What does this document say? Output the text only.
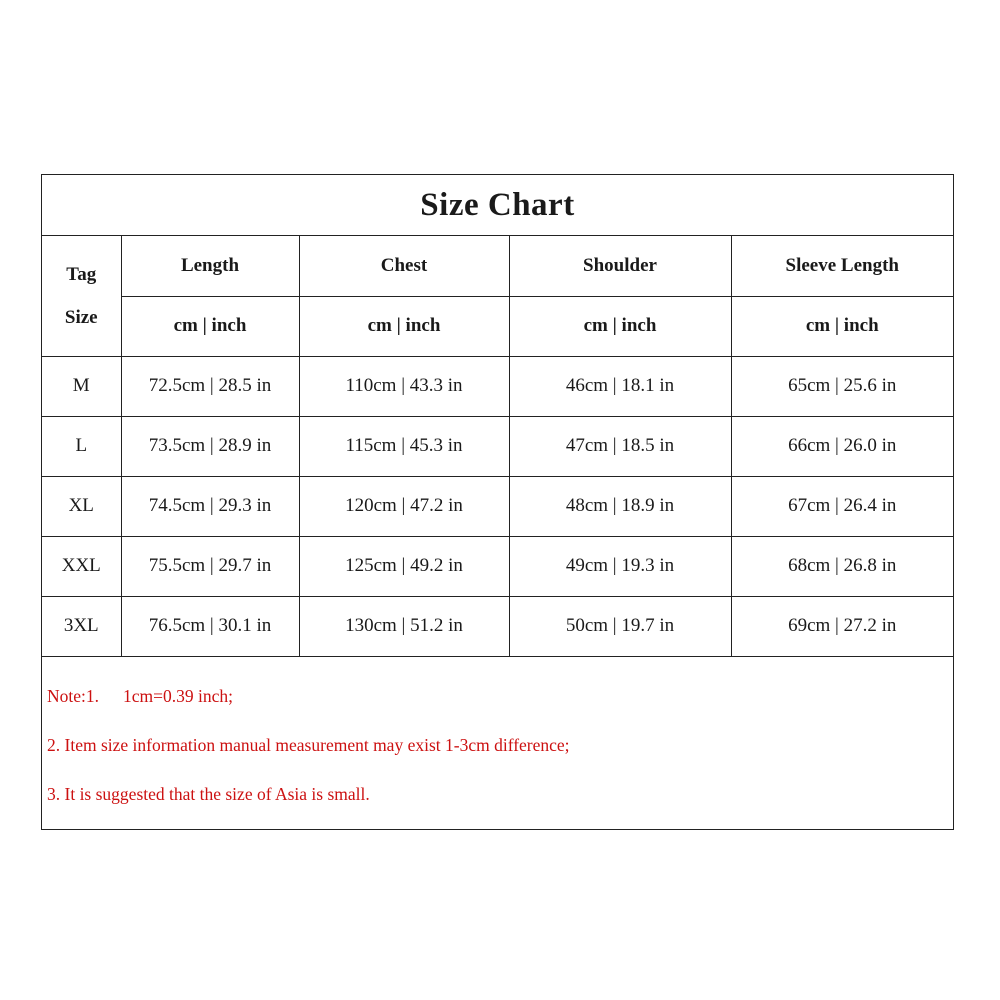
Size Chart
Tag
Size	Length	Chest	Shoulder	Sleeve Length
	cm | inch	cm | inch	cm | inch	cm | inch
M	72.5cm | 28.5 in	110cm | 43.3 in	46cm | 18.1 in	65cm | 25.6 in
L	73.5cm | 28.9 in	115cm | 45.3 in	47cm | 18.5 in	66cm | 26.0 in
XL	74.5cm | 29.3 in	120cm | 47.2 in	48cm | 18.9 in	67cm | 26.4 in
XXL	75.5cm | 29.7 in	125cm | 49.2 in	49cm | 19.3 in	68cm | 26.8 in
3XL	76.5cm | 30.1 in	130cm | 51.2 in	50cm | 19.7 in	69cm | 27.2 in
Note:1. 1cm=0.39 inch;
2. Item size information manual measurement may exist 1-3cm difference;
3. It is suggested that the size of Asia is small.
